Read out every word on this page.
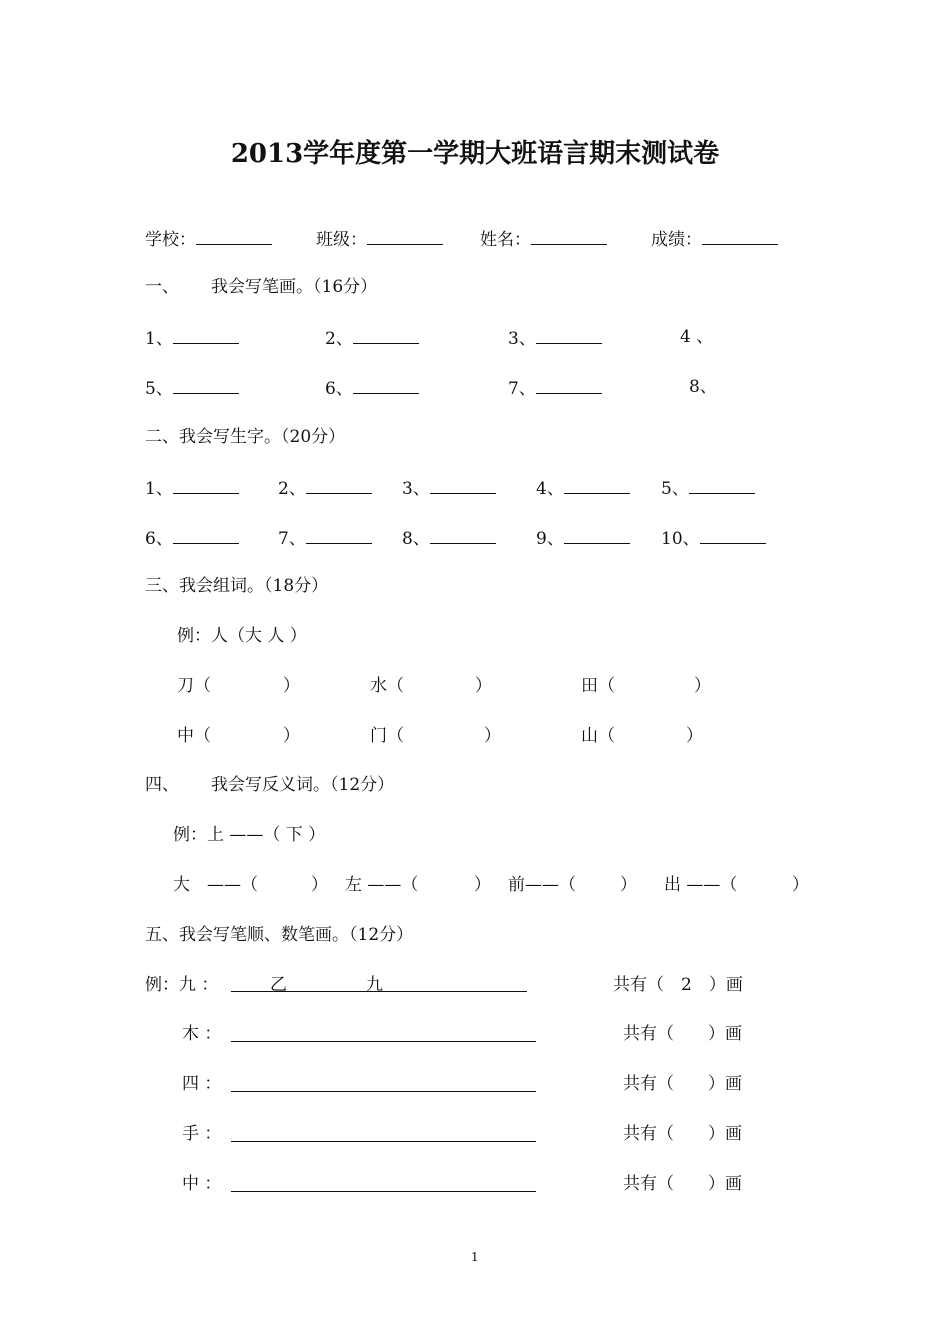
2013学年度第一学期大班语言期末测试卷
学校：	班级：	姓名：	成绩：
一、 我会写笔画。（16分）
1、	2、	3、	4 、
5、	6、	7、	8、
二、我会写生字。（20分）
1、	2、	3、	4、	5、
6、	7、	8、	9、	10、
三、我会组词。（18分）
例：人（大 人 ）
刀（	）	水（	）	田（	）
中（	）	门（	）	山（	）
四、 我会写反义词。（12分）
例：上 ——（ 下 ）
大　——（	） 左 ——（	） 前——（	） 出 ——（	）
五、我会写笔顺、数笔画。（12分）
例：九 ：	乙	九	共有（　2　）画
木 ：	共有（　　）画
四 ：	共有（　　）画
手 ：	共有（　　）画
中 ：	共有（　　）画
1
